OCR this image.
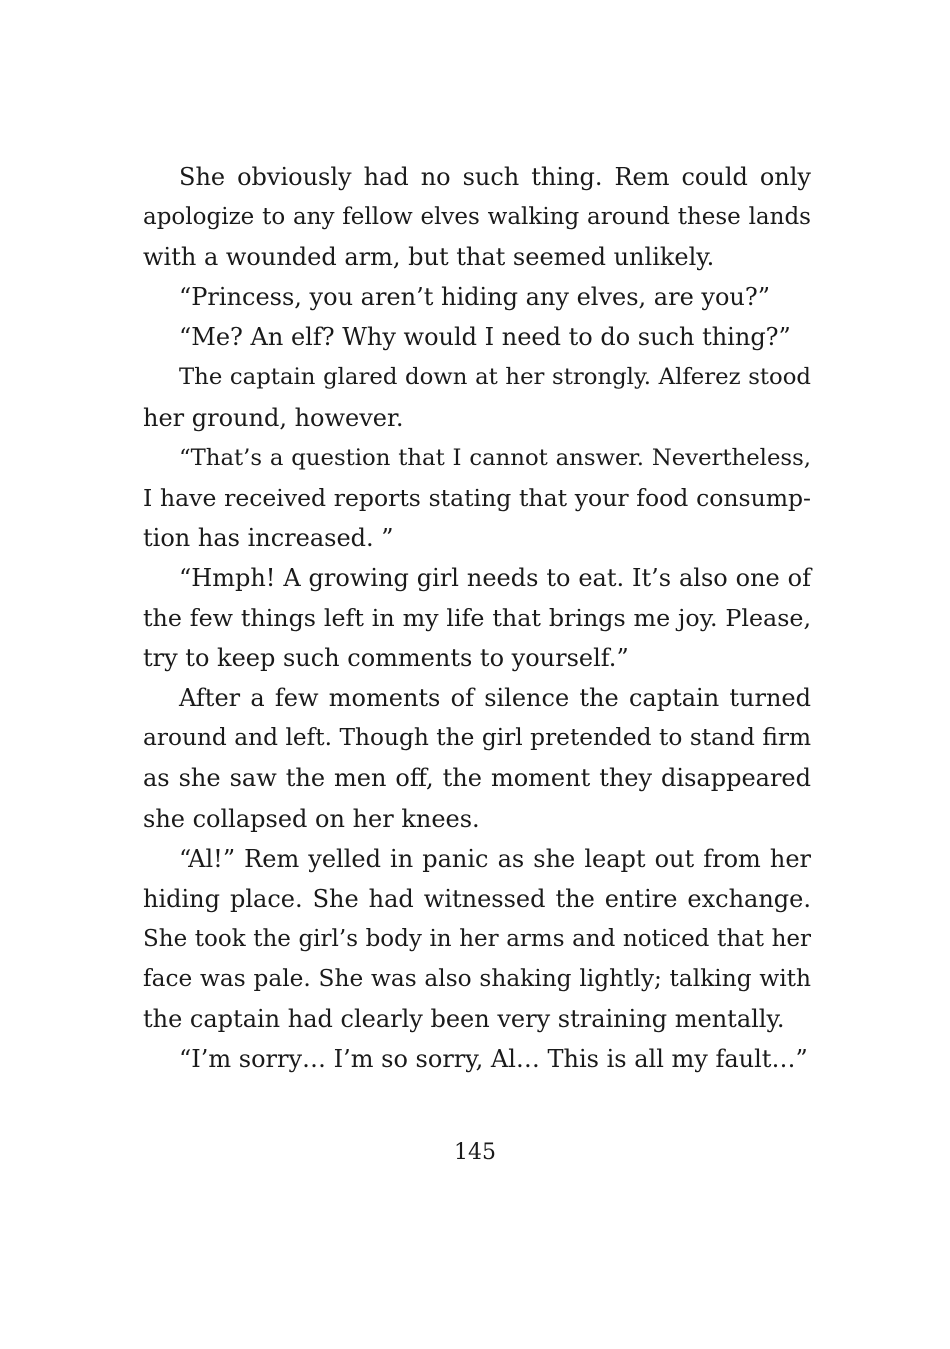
She obviously had no such thing. Rem could only
apologize to any fellow elves walking around these lands
with a wounded arm, but that seemed unlikely.
“Princess, you aren’t hiding any elves, are you?”
“Me? An elf? Why would I need to do such thing?”
The captain glared down at her strongly. Alferez stood
her ground, however.
“That’s a question that I cannot answer. Nevertheless,
I have received reports stating that your food consump-
tion has increased. ”
“Hmph! A growing girl needs to eat. It’s also one of
the few things left in my life that brings me joy. Please,
try to keep such comments to yourself.”
After a few moments of silence the captain turned
around and left. Though the girl pretended to stand firm
as she saw the men off, the moment they disappeared
she collapsed on her knees.
“Al!” Rem yelled in panic as she leapt out from her
hiding place. She had witnessed the entire exchange.
She took the girl’s body in her arms and noticed that her
face was pale. She was also shaking lightly; talking with
the captain had clearly been very straining mentally.
“I’m sorry… I’m so sorry, Al… This is all my fault…”
145
